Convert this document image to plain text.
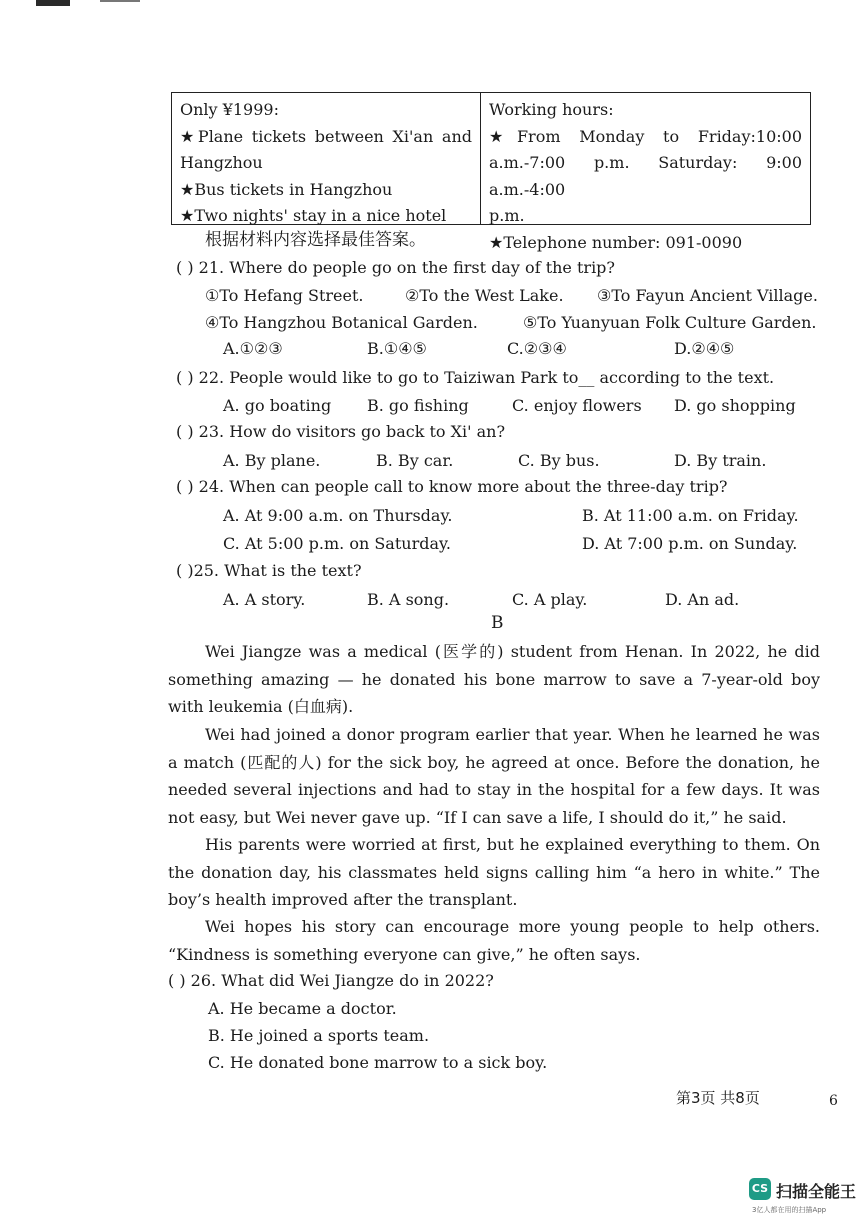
Only ¥1999:
★Plane tickets between Xi'an and
Hangzhou
★Bus tickets in Hangzhou
★Two nights' stay in a nice hotel
Working hours:
★From Monday to Friday:10:00
a.m.-7:00 p.m. Saturday: 9:00 a.m.-4:00
p.m.
★Telephone number: 091-0090
根据材料内容选择最佳答案。
( ) 21. Where do people go on the first day of the trip?
①To Hefang Street.	②To the West Lake. ③To Fayun Ancient Village.
④To Hangzhou Botanical Garden.	⑤To Yuanyuan Folk Culture Garden.
A.①②③	B.①④⑤	C.②③④	D.②④⑤
( ) 22. People would like to go to Taiziwan Park to__ according to the text.
A. go boating B. go fishing	C. enjoy flowers D. go shopping
( ) 23. How do visitors go back to Xi' an?
A. By plane.	B. By car.	C. By bus.	D. By train.
( ) 24. When can people call to know more about the three-day trip?
A. At 9:00 a.m. on Thursday.	B. At 11:00 a.m. on Friday.
C. At 5:00 p.m. on Saturday.	D. At 7:00 p.m. on Sunday.
( )25. What is the text?
A. A story.	B. A song.	C. A play.	D. An ad.
B
Wei Jiangze was a medical (医学的) student from Henan. In 2022, he did something amazing — he donated his bone marrow to save a 7-year-old boy with leukemia (白血病).
Wei had joined a donor program earlier that year. When he learned he was a match (匹配的人) for the sick boy, he agreed at once. Before the donation, he needed several injections and had to stay in the hospital for a few days. It was not easy, but Wei never gave up. “If I can save a life, I should do it,” he said.
His parents were worried at first, but he explained everything to them. On the donation day, his classmates held signs calling him “a hero in white.” The boy’s health improved after the transplant.
Wei hopes his story can encourage more young people to help others. “Kindness is something everyone can give,” he often says.
( ) 26. What did Wei Jiangze do in 2022?
A. He became a doctor.
B. He joined a sports team.
C. He donated bone marrow to a sick boy.
第3页 共8页	6
CS 扫描全能王
3亿人都在用的扫描App
